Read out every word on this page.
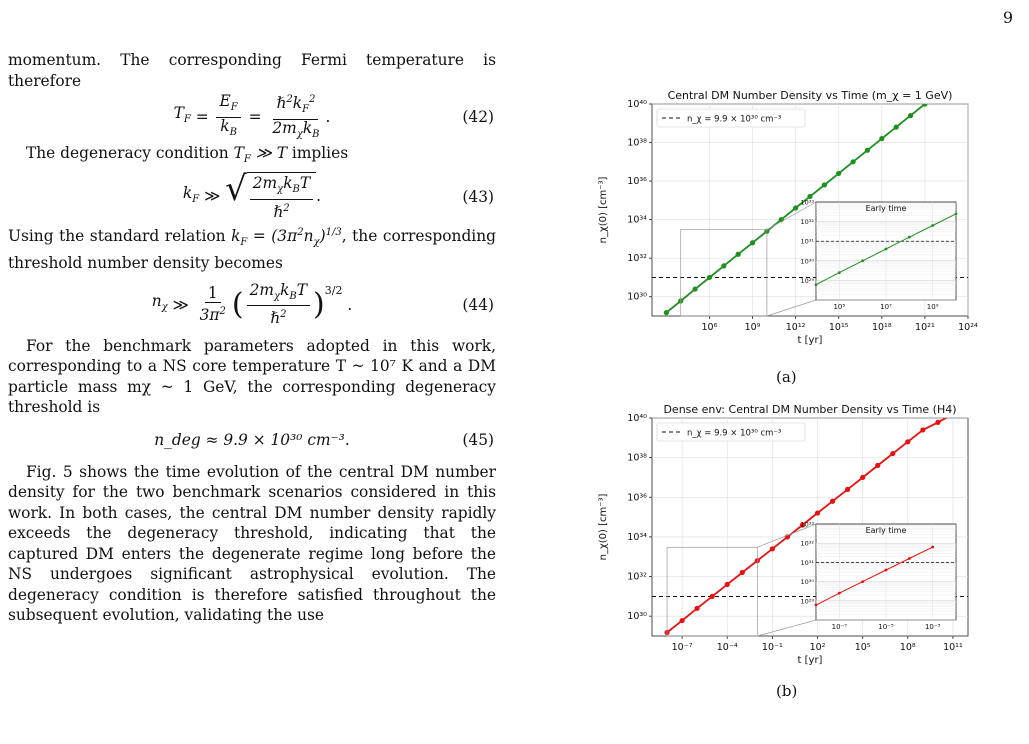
9

momentum. The corresponding Fermi temperature is therefore

$T_F = \frac{E_F}{k_B} = \frac{\hbar^2k_F^2}{2m_\chi k_B}$ .	(42)

The degeneracy condition $T_F$ ≫ T implies

$k_F$ ≫ √ $\frac{2m_\chi k_BT}{\hbar^2}$ .	(43)

Using the standard relation $k_F = (3\pi^2n_\chi)^{1/3}$, the corresponding threshold number density becomes

$n_\chi$ ≫ $\frac{1}{3\pi^2}$ ( $\frac{2m_\chi k_BT}{\hbar^2} )^{3/2}$
.	(44)

For the benchmark parameters adopted in this work, corresponding to a NS core temperature T ~ 10⁷ K and a DM particle mass mχ ~ 1 GeV, the corresponding degeneracy threshold is

n_deg ≈ 9.9 × 10³⁰ cm⁻³.	(45)

Fig. 5 shows the time evolution of the central DM number density for the two benchmark scenarios considered in this work. In both cases, the central DM number density rapidly exceeds the degeneracy threshold, indicating that the captured DM enters the degenerate regime long before the NS undergoes significant astrophysical evolution. The degeneracy condition is therefore satisfied throughout the subsequent evolution, validating the use

Central DM Number Density vs Time (m_χ = 1 GeV)
10⁶	10⁹	10¹² 10¹⁵ 10¹⁸ 10²¹ 10²⁴
10³⁰
10³²
10³⁴
10³⁶
10³⁸
10⁴⁰
t [yr]
n_χ(0) [cm⁻³]
n_χ = 9.9 × 10³⁰ cm⁻³
10⁵	10⁷	10⁹
10²⁹
10³⁰
10³¹
10³²
10³³
Early time
(a)
Dense env: Central DM Number Density vs Time (H4)
10⁻⁷	10⁻⁴	10⁻¹	10²	10⁵	10⁸	10¹¹
10³⁰
10³²
10³⁴
10³⁶
10³⁸
10⁴⁰
t [yr]
n_χ(0) [cm⁻³]
n_χ = 9.9 × 10³⁰ cm⁻³
10⁻⁷	10⁻⁵	10⁻³
10²⁹
10³⁰
10³¹
10³²
10³³
Early time
(b)
